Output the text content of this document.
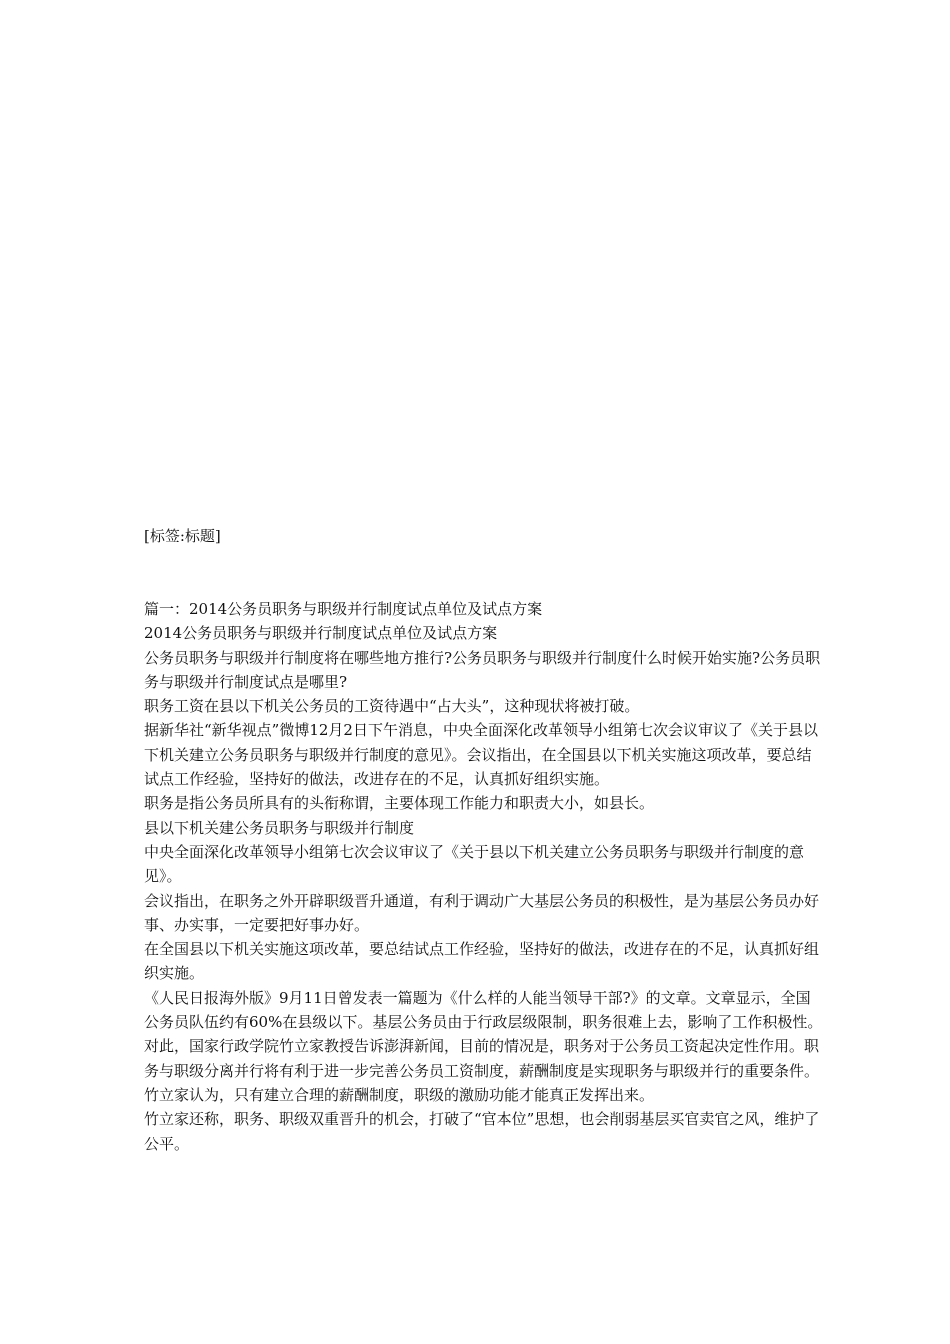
[标签:标题]

篇一：2014公务员职务与职级并行制度试点单位及试点方案

2014公务员职务与职级并行制度试点单位及试点方案

公务员职务与职级并行制度将在哪些地方推行?公务员职务与职级并行制度什么时候开始实施?公务员职务与职级并行制度试点是哪里?

职务工资在县以下机关公务员的工资待遇中“占大头”，这种现状将被打破。

据新华社“新华视点”微博12月2日下午消息，中央全面深化改革领导小组第七次会议审议了《关于县以下机关建立公务员职务与职级并行制度的意见》。会议指出，在全国县以下机关实施这项改革，要总结试点工作经验，坚持好的做法，改进存在的不足，认真抓好组织实施。

职务是指公务员所具有的头衔称谓，主要体现工作能力和职责大小，如县长。

县以下机关建公务员职务与职级并行制度

中央全面深化改革领导小组第七次会议审议了《关于县以下机关建立公务员职务与职级并行制度的意见》。

会议指出，在职务之外开辟职级晋升通道，有利于调动广大基层公务员的积极性，是为基层公务员办好事、办实事，一定要把好事办好。

在全国县以下机关实施这项改革，要总结试点工作经验，坚持好的做法，改进存在的不足，认真抓好组织实施。

《人民日报海外版》9月11日曾发表一篇题为《什么样的人能当领导干部?》的文章。文章显示，全国公务员队伍约有60%在县级以下。基层公务员由于行政层级限制，职务很难上去，影响了工作积极性。

对此，国家行政学院竹立家教授告诉澎湃新闻，目前的情况是，职务对于公务员工资起决定性作用。职务与职级分离并行将有利于进一步完善公务员工资制度，薪酬制度是实现职务与职级并行的重要条件。

竹立家认为，只有建立合理的薪酬制度，职级的激励功能才能真正发挥出来。

竹立家还称，职务、职级双重晋升的机会，打破了“官本位”思想，也会削弱基层买官卖官之风，维护了公平。
